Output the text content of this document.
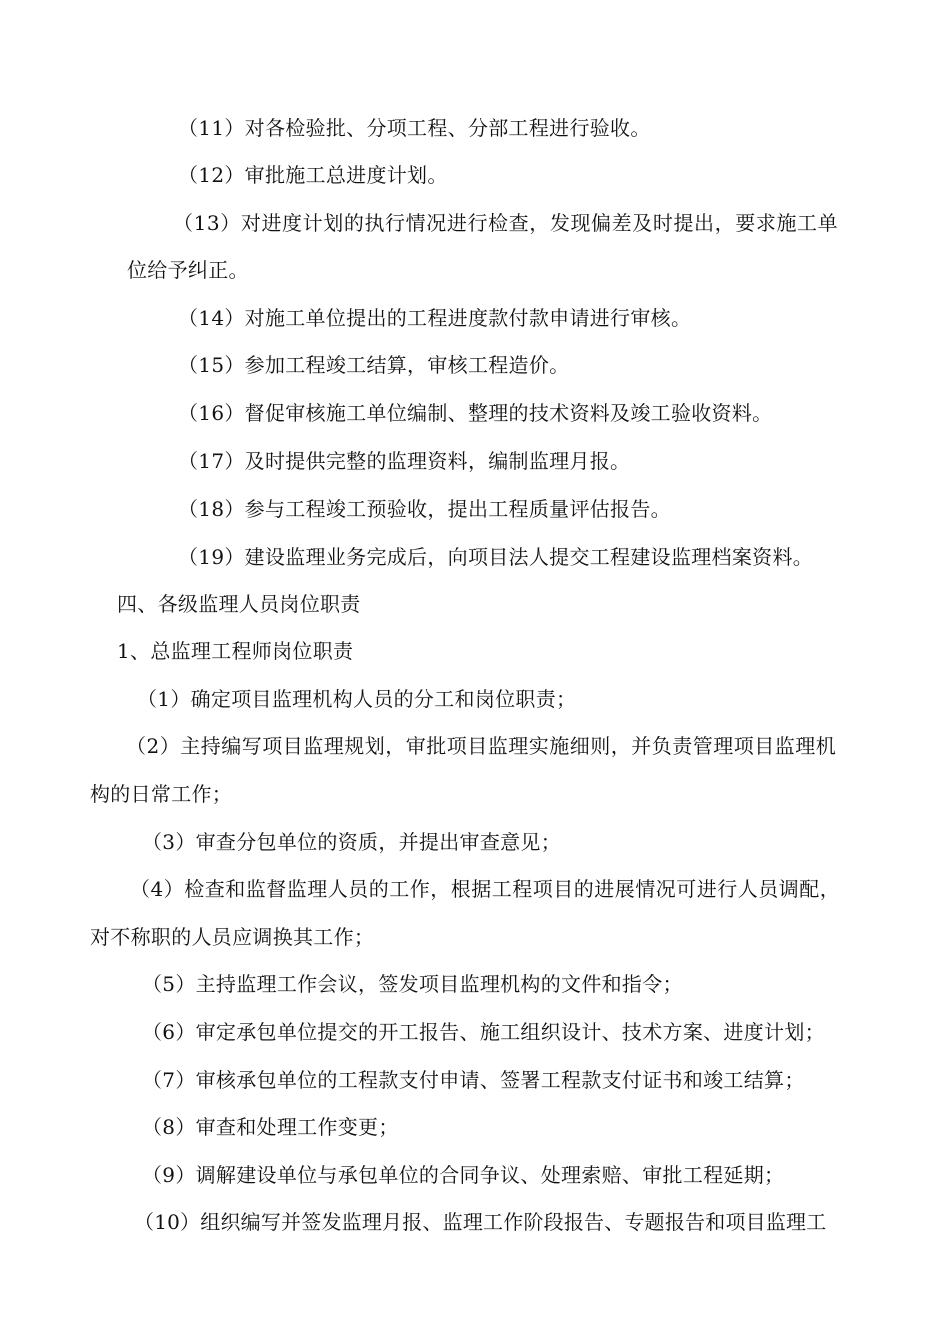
（11）对各检验批、分项工程、分部工程进行验收。
（12）审批施工总进度计划。
（13）对进度计划的执行情况进行检查，发现偏差及时提出，要求施工单
位给予纠正。
（14）对施工单位提出的工程进度款付款申请进行审核。
（15）参加工程竣工结算，审核工程造价。
（16）督促审核施工单位编制、整理的技术资料及竣工验收资料。
（17）及时提供完整的监理资料，编制监理月报。
（18）参与工程竣工预验收，提出工程质量评估报告。
（19）建设监理业务完成后，向项目法人提交工程建设监理档案资料。
四、各级监理人员岗位职责
1、总监理工程师岗位职责
（1）确定项目监理机构人员的分工和岗位职责；
（2）主持编写项目监理规划，审批项目监理实施细则，并负责管理项目监理机
构的日常工作；
（3）审查分包单位的资质，并提出审查意见；
（4）检查和监督监理人员的工作，根据工程项目的进展情况可进行人员调配，
对不称职的人员应调换其工作；
（5）主持监理工作会议，签发项目监理机构的文件和指令；
（6）审定承包单位提交的开工报告、施工组织设计、技术方案、进度计划；
（7）审核承包单位的工程款支付申请、签署工程款支付证书和竣工结算；
（8）审查和处理工作变更；
（9）调解建设单位与承包单位的合同争议、处理索赔、审批工程延期；
（10）组织编写并签发监理月报、监理工作阶段报告、专题报告和项目监理工
